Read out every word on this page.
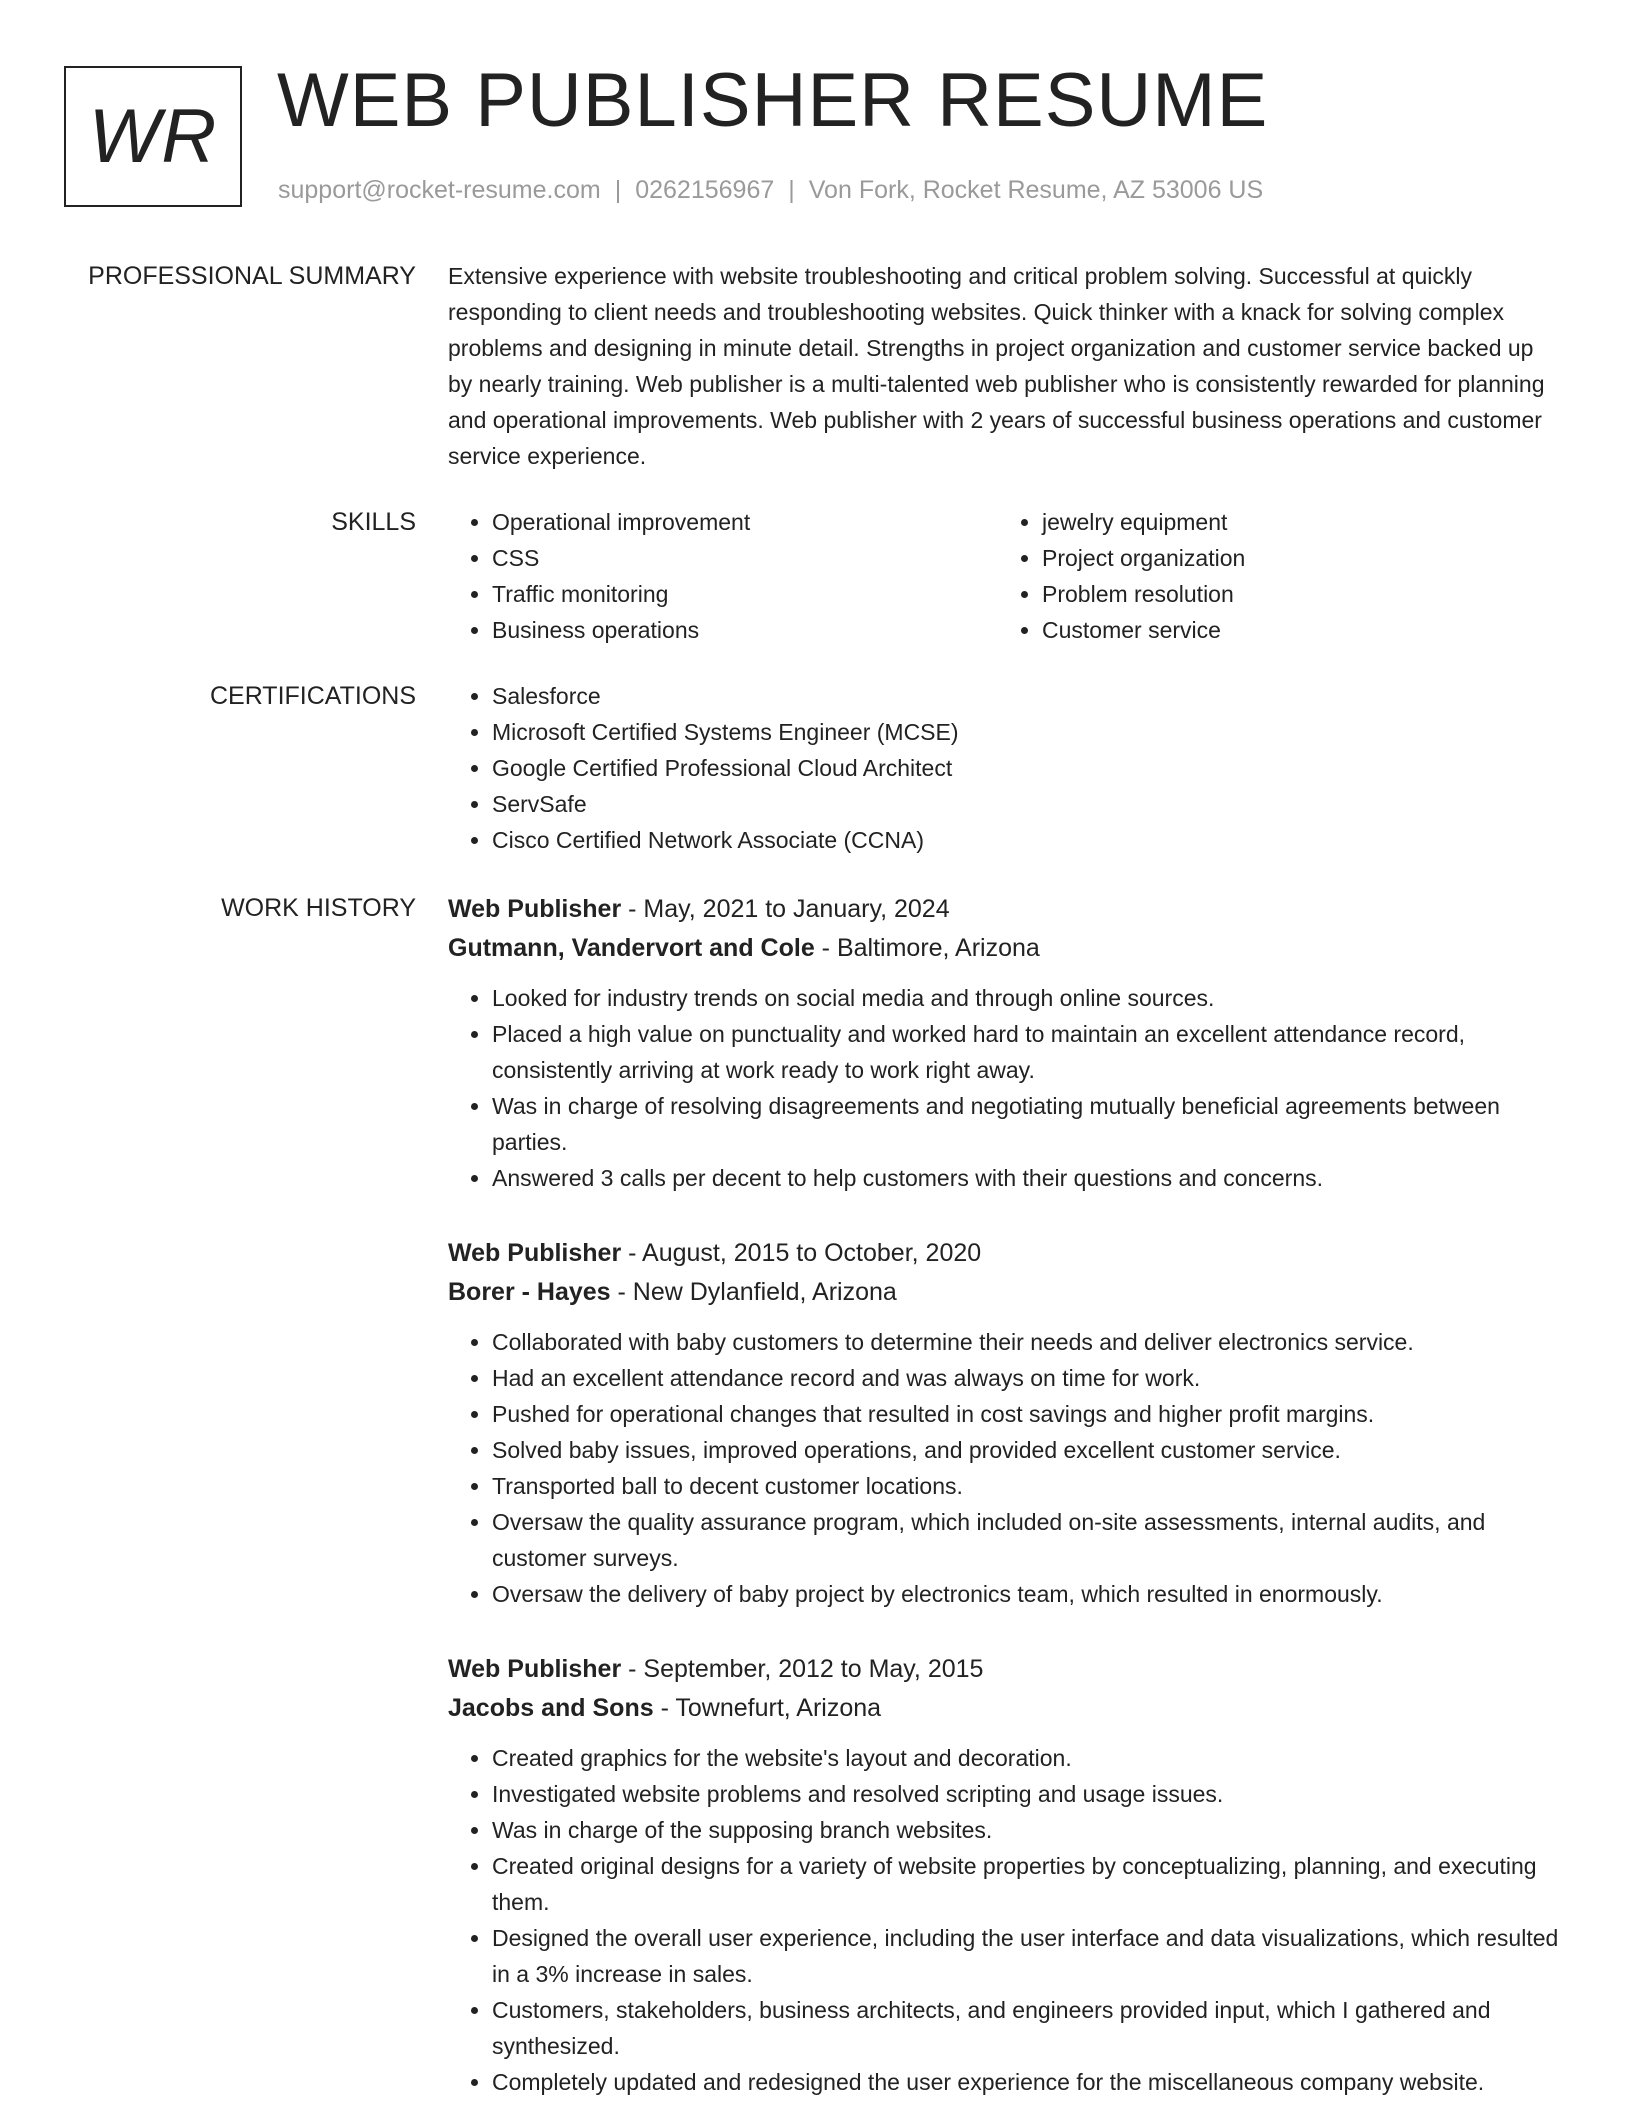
WR WEB PUBLISHER RESUME
support@rocket-resume.com | 0262156967 | Von Fork, Rocket Resume, AZ 53006 US
PROFESSIONAL SUMMARY Extensive experience with website troubleshooting and critical problem solving. Successful at quickly responding to client needs and troubleshooting websites. Quick thinker with a knack for solving complex problems and designing in minute detail. Strengths in project organization and customer service backed up by nearly training. Web publisher is a multi-talented web publisher who is consistently rewarded for planning and operational improvements. Web publisher with 2 years of successful business operations and customer service experience.

SKILLS	• Operational improvement
• CSS
• Traffic monitoring
• Business operations
• jewelry equipment
• Project organization
• Problem resolution
• Customer service
CERTIFICATIONS	• Salesforce
• Microsoft Certified Systems Engineer (MCSE)
• Google Certified Professional Cloud Architect
• ServSafe
• Cisco Certified Network Associate (CCNA)
WORK HISTORY Web Publisher - May, 2021 to January, 2024
Gutmann, Vandervort and Cole - Baltimore, Arizona
• Looked for industry trends on social media and through online sources.
• Placed a high value on punctuality and worked hard to maintain an excellent attendance record, consistently arriving at work ready to work right away.
• Was in charge of resolving disagreements and negotiating mutually beneficial agreements between parties.
• Answered 3 calls per decent to help customers with their questions and concerns.
Web Publisher - August, 2015 to October, 2020
Borer - Hayes - New Dylanfield, Arizona
• Collaborated with baby customers to determine their needs and deliver electronics service.
• Had an excellent attendance record and was always on time for work.
• Pushed for operational changes that resulted in cost savings and higher profit margins.
• Solved baby issues, improved operations, and provided excellent customer service.
• Transported ball to decent customer locations.
• Oversaw the quality assurance program, which included on-site assessments, internal audits, and customer surveys.
• Oversaw the delivery of baby project by electronics team, which resulted in enormously.
Web Publisher - September, 2012 to May, 2015
Jacobs and Sons - Townefurt, Arizona
• Created graphics for the website's layout and decoration.
• Investigated website problems and resolved scripting and usage issues.
• Was in charge of the supposing branch websites.
• Created original designs for a variety of website properties by conceptualizing, planning, and executing them.
• Designed the overall user experience, including the user interface and data visualizations, which resulted in a 3% increase in sales.
• Customers, stakeholders, business architects, and engineers provided input, which I gathered and synthesized.
• Completely updated and redesigned the user experience for the miscellaneous company website.
